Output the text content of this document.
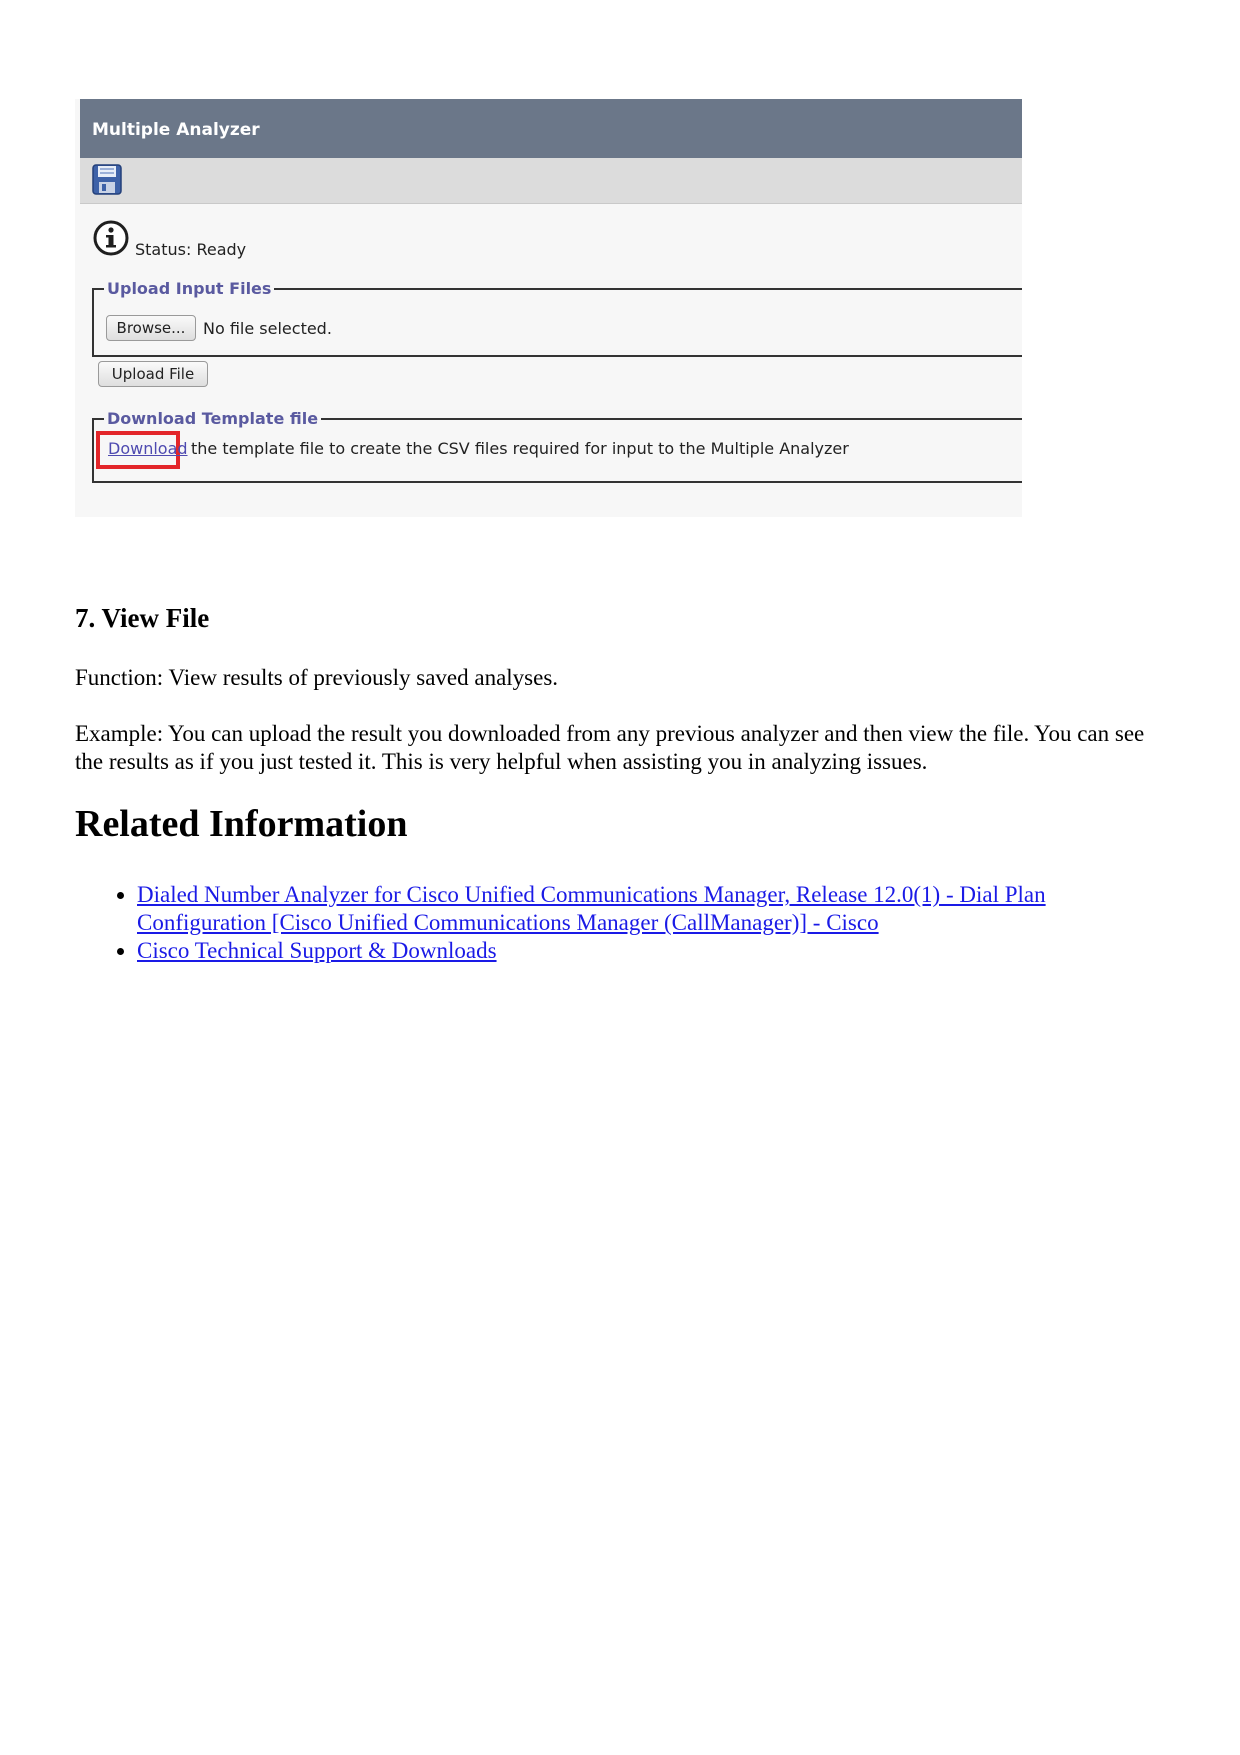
Multiple Analyzer
Status: Ready
Upload Input Files
Browse...	No file selected.
Upload File
Download Template file
Download the template file to create the CSV files required for input to the Multiple Analyzer
7. View File

Function: View results of previously saved analyses.

Example: You can upload the result you downloaded from any previous analyzer and then view the file. You can see the results as if you just tested it. This is very helpful when assisting you in analyzing issues.

Related Information
• Dialed Number Analyzer for Cisco Unified Communications Manager, Release 12.0(1) - Dial Plan Configuration [Cisco Unified Communications Manager (CallManager)] - Cisco
• Cisco Technical Support & Downloads
